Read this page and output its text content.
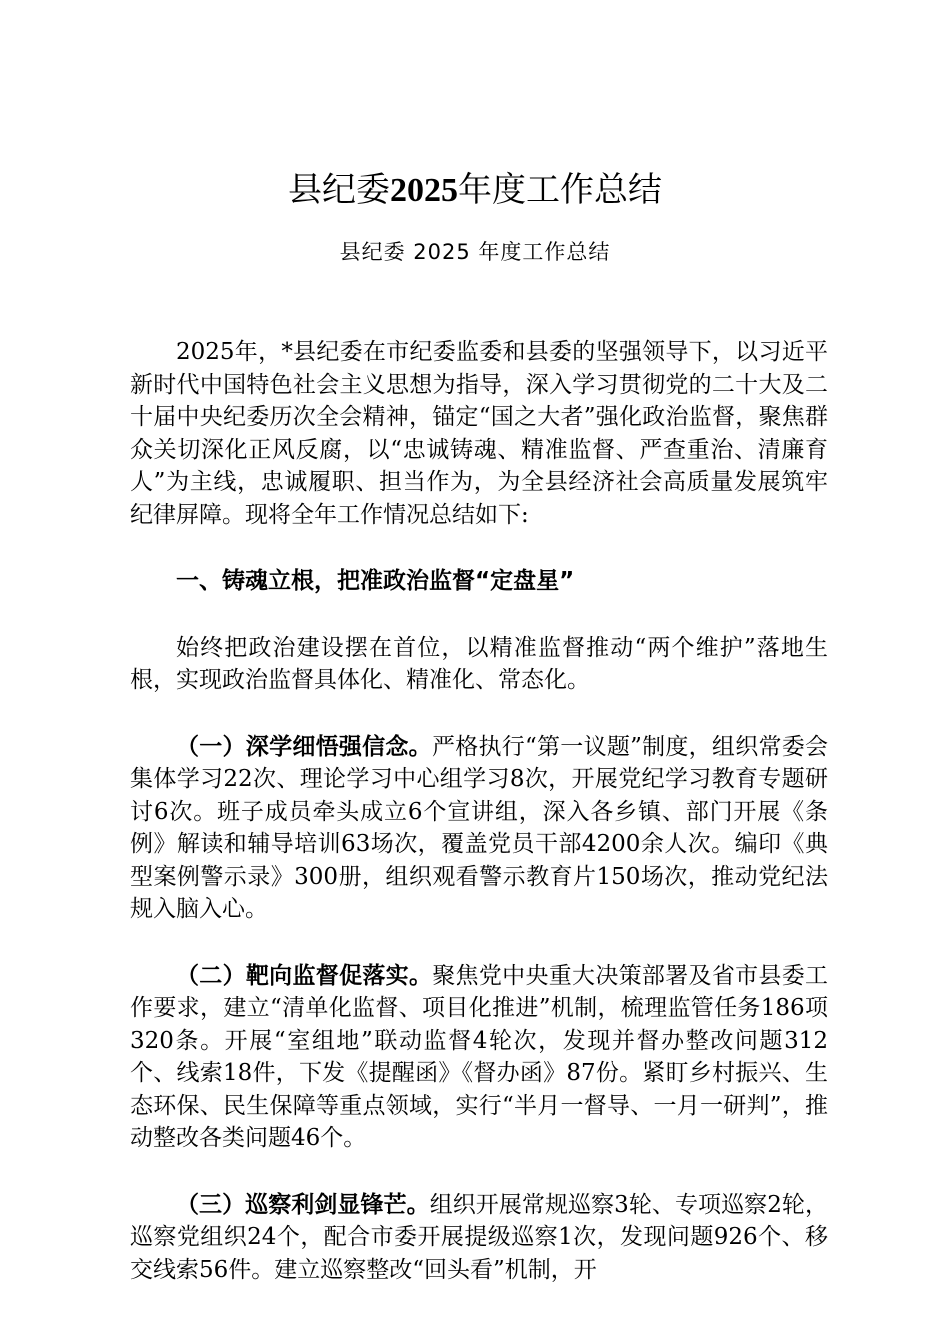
县纪委2025年度工作总结
县纪委 2025 年度工作总结

2025年，*县纪委在市纪委监委和县委的坚强领导下，以习近平新时代中国特色社会主义思想为指导，深入学习贯彻党的二十大及二十届中央纪委历次全会精神，锚定“国之大者”强化政治监督，聚焦群众关切深化正风反腐，以“忠诚铸魂、精准监督、严查重治、清廉育人”为主线，忠诚履职、担当作为，为全县经济社会高质量发展筑牢纪律屏障。现将全年工作情况总结如下:

一、铸魂立根，把准政治监督“定盘星”

始终把政治建设摆在首位，以精准监督推动“两个维护”落地生根，实现政治监督具体化、精准化、常态化。

（一）深学细悟强信念。严格执行“第一议题”制度，组织常委会集体学习22次、理论学习中心组学习8次，开展党纪学习教育专题研讨6次。班子成员牵头成立6个宣讲组，深入各乡镇、部门开展《条例》解读和辅导培训63场次，覆盖党员干部4200余人次。编印《典型案例警示录》300册，组织观看警示教育片150场次，推动党纪法规入脑入心。

（二）靶向监督促落实。聚焦党中央重大决策部署及省市县委工作要求，建立“清单化监督、项目化推进”机制，梳理监管任务186项320条。开展“室组地”联动监督4轮次，发现并督办整改问题312个、线索18件，下发《提醒函》《督办函》87份。紧盯乡村振兴、生态环保、民生保障等重点领域，实行“半月一督导、一月一研判”，推动整改各类问题46个。

（三）巡察利剑显锋芒。组织开展常规巡察3轮、专项巡察2轮，巡察党组织24个，配合市委开展提级巡察1次，发现问题926个、移交线索56件。建立巡察整改“回头看”机制，开
